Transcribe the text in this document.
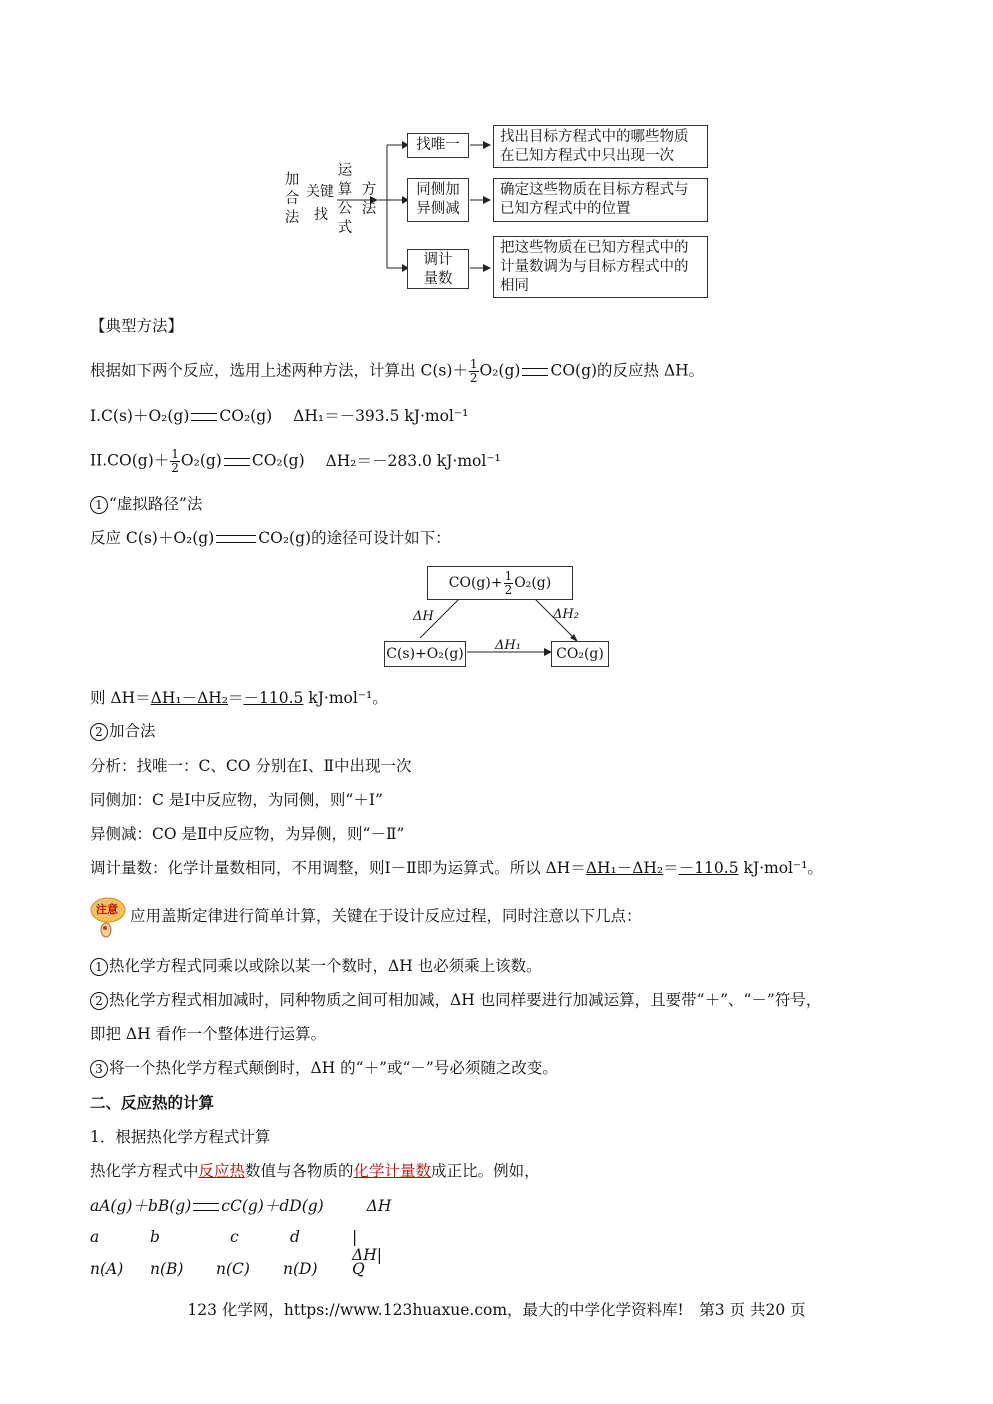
加合法
关键
找
运算公式
方法
找唯一
同侧加异侧减
调计量数
找出目标方程式中的哪些物质在已知方程式中只出现一次
确定这些物质在目标方程式与已知方程式中的位置
把这些物质在已知方程式中的计量数调为与目标方程式中的相同
【典型方法】
根据如下两个反应，选用上述两种方法，计算出 $C(s)+ \frac{1}{2} O_2(g)$ CO(g)的反应热 ΔH。
I.C(s)＋O₂(g) CO₂(g) ΔH₁＝－393.5 kJ·mol⁻¹
$II.CO(g)+ \frac{1}{2} O_2(g)$ CO₂(g) ΔH₂＝－283.0 kJ·mol⁻¹
1 “虚拟路径”法
反应 C(s)＋O₂(g)	CO₂(g)的途径可设计如下：
$CO(g)+ \frac{1}{2} O_2(g)$
C(s)+O₂(g)	CO₂(g)
ΔH
ΔH₁
ΔH₂
则 ΔH＝ΔH₁－ΔH₂＝－110.5 kJ·mol⁻¹。
2 加合法
分析：找唯一：C、CO 分别在Ⅰ、Ⅱ中出现一次
同侧加：C 是Ⅰ中反应物，为同侧，则“＋Ⅰ”
异侧减：CO 是Ⅱ中反应物，为异侧，则“－Ⅱ”
调计量数：化学计量数相同，不用调整，则Ⅰ－Ⅱ即为运算式。所以 ΔH＝ΔH₁－ΔH₂＝－110.5 kJ·mol⁻¹。
注意 应用盖斯定律进行简单计算，关键在于设计反应过程，同时注意以下几点：
1 热化学方程式同乘以或除以某一个数时，ΔH 也必须乘上该数。
2 热化学方程式相加减时，同种物质之间可相加减，ΔH 也同样要进行加减运算，且要带“＋”、“－”符号，
即把 ΔH 看作一个整体进行运算。
3 将一个热化学方程式颠倒时，ΔH 的“＋”或“－”号必须随之改变。
二、反应热的计算
1．根据热化学方程式计算
热化学方程式中反应热数值与各物质的化学计量数成正比。例如，
aA(g)＋bB(g) cC(g)＋dD(g)	ΔH
a	b	c	d	|ΔH|
n(A) n(B) n(C) n(D) Q
123 化学网，https://www.123huaxue.com，最大的中学化学资料库!　第3 页 共20 页
